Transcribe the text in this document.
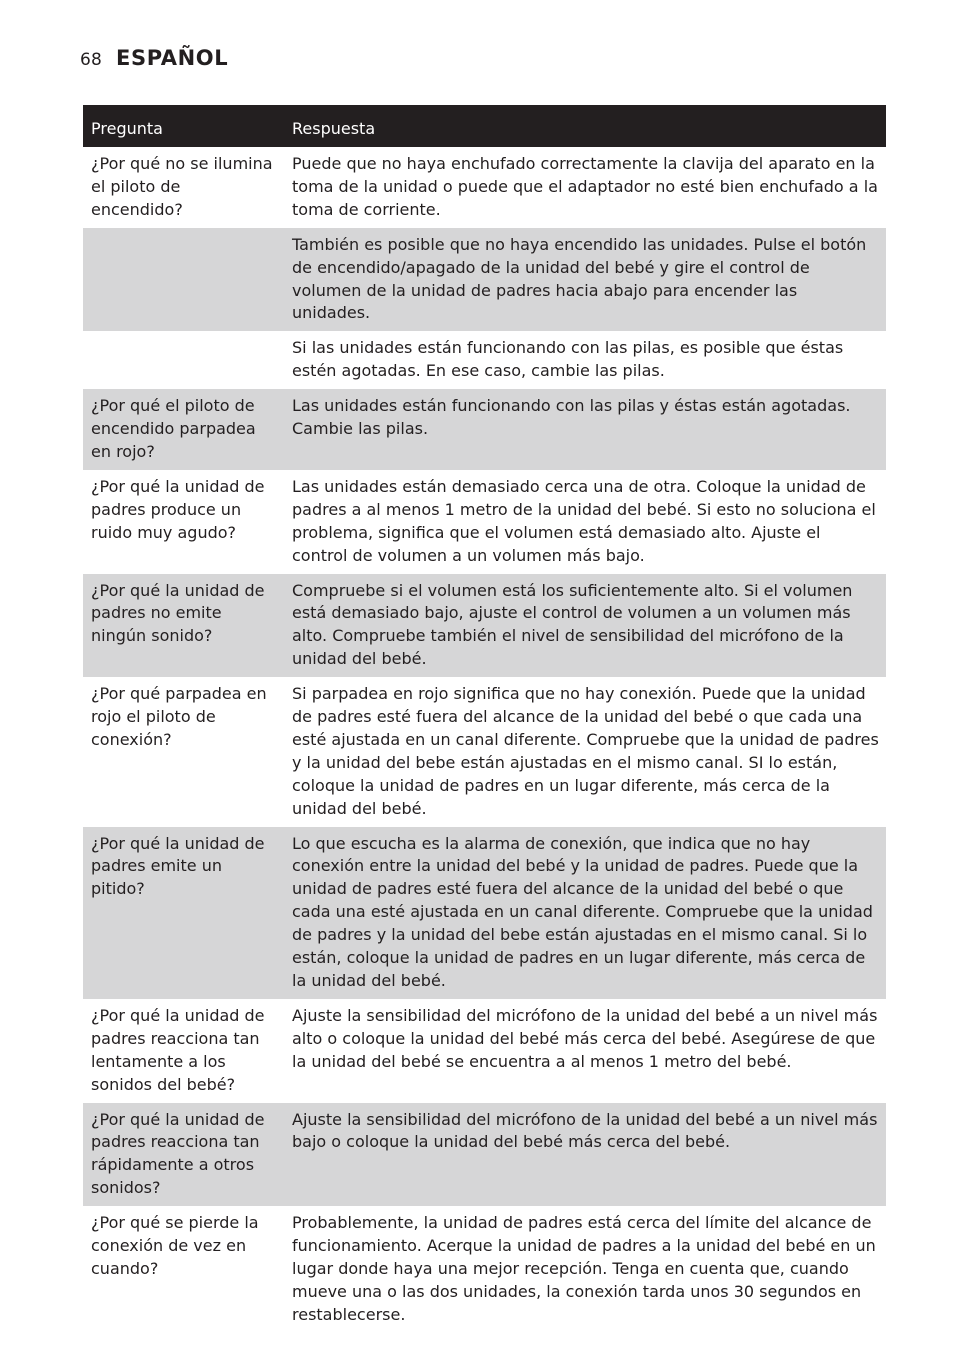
68 ESPAÑOL
Pregunta	Respuesta
¿Por qué no se ilumina el piloto de encendido?
Puede que no haya enchufado correctamente la clavija del aparato en la toma de la unidad o puede que el adaptador no esté bien enchufado a la toma de corriente.
También es posible que no haya encendido las unidades. Pulse el botón de encendido/apagado de la unidad del bebé y gire el control de volumen de la unidad de padres hacia abajo para encender las unidades.
Si las unidades están funcionando con las pilas, es posible que éstas estén agotadas. En ese caso, cambie las pilas.
¿Por qué el piloto de encendido parpadea en rojo?
Las unidades están funcionando con las pilas y éstas están agotadas. Cambie las pilas.
¿Por qué la unidad de padres produce un ruido muy agudo?
Las unidades están demasiado cerca una de otra. Coloque la unidad de padres a al menos 1 metro de la unidad del bebé. Si esto no soluciona el problema, significa que el volumen está demasiado alto. Ajuste el control de volumen a un volumen más bajo.
¿Por qué la unidad de padres no emite ningún sonido?
Compruebe si el volumen está los suficientemente alto. Si el volumen está demasiado bajo, ajuste el control de volumen a un volumen más alto. Compruebe también el nivel de sensibilidad del micrófono de la unidad del bebé.
¿Por qué parpadea en rojo el piloto de conexión?
Si parpadea en rojo significa que no hay conexión. Puede que la unidad de padres esté fuera del alcance de la unidad del bebé o que cada una esté ajustada en un canal diferente. Compruebe que la unidad de padres y la unidad del bebe están ajustadas en el mismo canal. SI lo están, coloque la unidad de padres en un lugar diferente, más cerca de la unidad del bebé.
¿Por qué la unidad de padres emite un pitido?
Lo que escucha es la alarma de conexión, que indica que no hay conexión entre la unidad del bebé y la unidad de padres. Puede que la unidad de padres esté fuera del alcance de la unidad del bebé o que cada una esté ajustada en un canal diferente. Compruebe que la unidad de padres y la unidad del bebe están ajustadas en el mismo canal. Si lo están, coloque la unidad de padres en un lugar diferente, más cerca de la unidad del bebé.
¿Por qué la unidad de padres reacciona tan lentamente a los sonidos del bebé?
Ajuste la sensibilidad del micrófono de la unidad del bebé a un nivel más alto o coloque la unidad del bebé más cerca del bebé. Asegúrese de que la unidad del bebé se encuentra a al menos 1 metro del bebé.
¿Por qué la unidad de padres reacciona tan rápidamente a otros sonidos?
Ajuste la sensibilidad del micrófono de la unidad del bebé a un nivel más bajo o coloque la unidad del bebé más cerca del bebé.
¿Por qué se pierde la conexión de vez en cuando?
Probablemente, la unidad de padres está cerca del límite del alcance de funcionamiento. Acerque la unidad de padres a la unidad del bebé en un lugar donde haya una mejor recepción. Tenga en cuenta que, cuando mueve una o las dos unidades, la conexión tarda unos 30 segundos en restablecerse.
